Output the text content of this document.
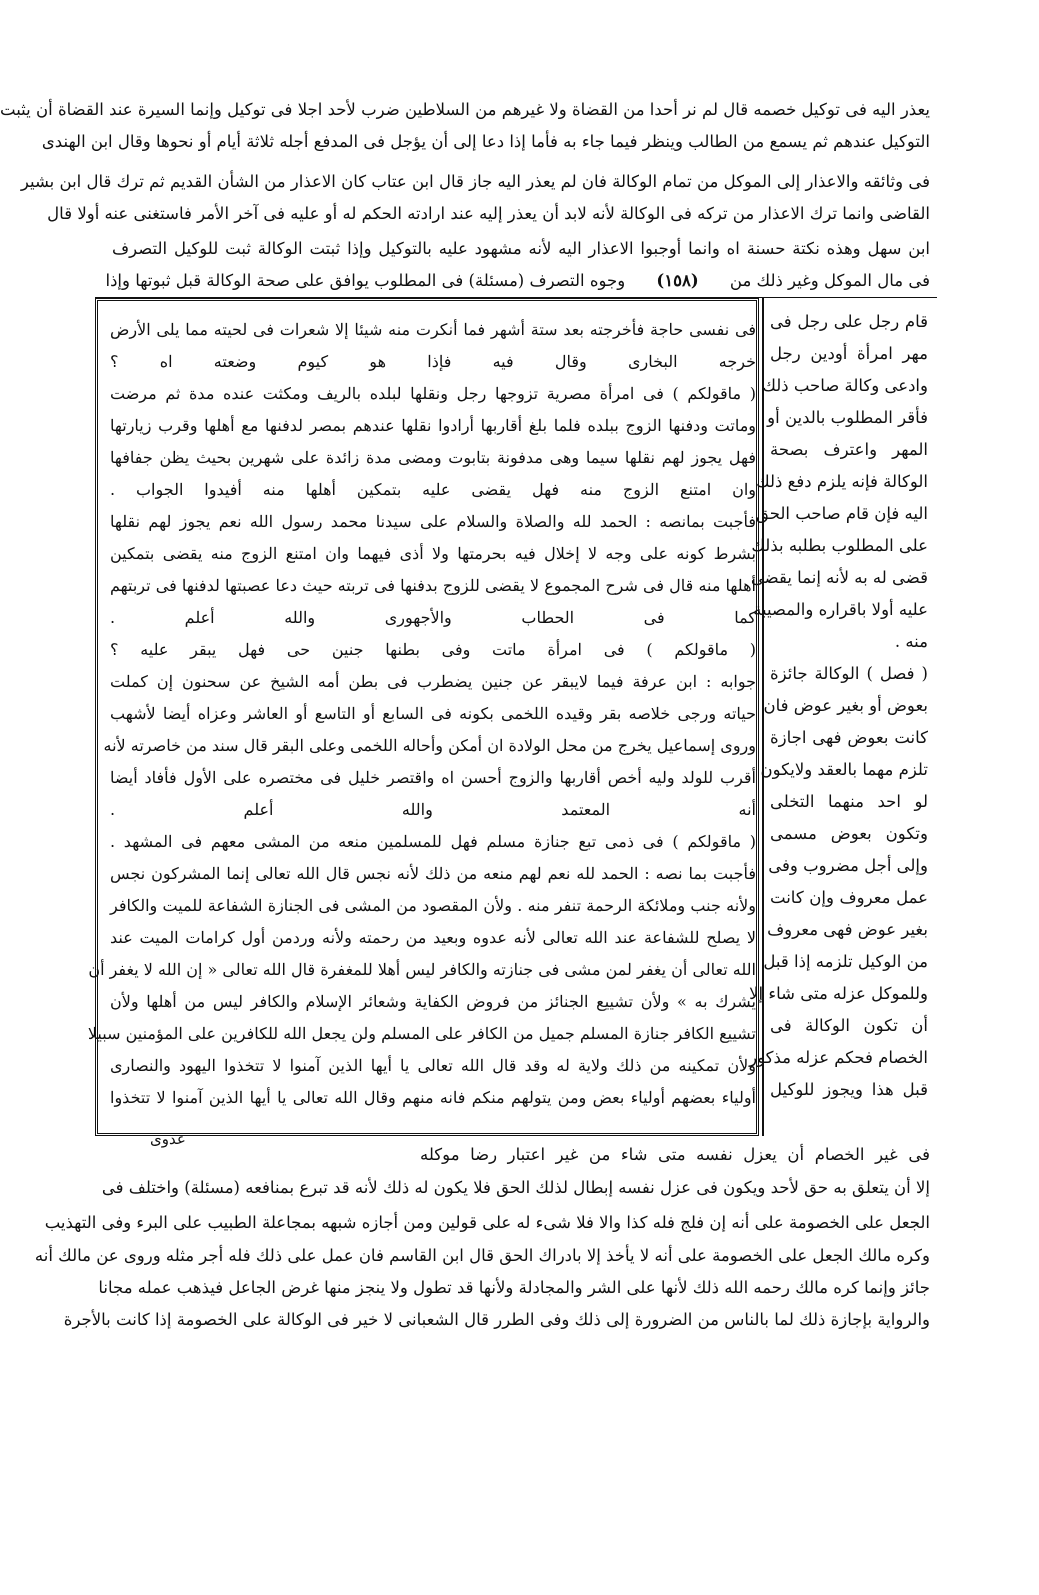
يعذر اليه فى توكيل خصمه قال لم نر أحدا من القضاة ولا غيرهم من السلاطين ضرب لأحد اجلا فى توكيل وإنما السيرة عند القضاة أن يثبت
التوكيل عندهم ثم يسمع من الطالب وينظر فيما جاء به فأما إذا دعا إلى أن يؤجل فى المدفع أجله ثلاثة أيام أو نحوها وقال ابن الهندى
فى وثائقه والاعذار إلى الموكل من تمام الوكالة فان لم يعذر اليه جاز قال ابن عتاب كان الاعذار من الشأن القديم ثم ترك قال ابن بشير
القاضى وانما ترك الاعذار من تركه فى الوكالة لأنه لابد أن يعذر إليه عند ارادته الحكم له أو عليه فى آخر الأمر فاستغنى عنه أولا قال
ابن سهل وهذه نكتة حسنة اه وانما أوجبوا الاعذار اليه لأنه مشهود عليه بالتوكيل وإذا ثبتت الوكالة ثبت للوكيل التصرف
فى مال الموكل وغير ذلك من (١٥٨) وجوه التصرف (مسئلة) فى المطلوب يوافق على صحة الوكالة قبل ثبوتها وإذا
فى نفسى حاجة فأخرجته بعد ستة أشهر فما أنكرت منه شيئا إلا شعرات فى لحيته مما يلى الأرض
خرجه البخارى وقال فيه فإذا هو كيوم وضعته اه ؟
( ماقولكم ) فى امرأة مصرية تزوجها رجل ونقلها لبلده بالريف ومكثت عنده مدة ثم مرضت
وماتت ودفنها الزوج ببلده فلما بلغ أقاربها أرادوا نقلها عندهم بمصر لدفنها مع أهلها وقرب زيارتها
فهل يجوز لهم نقلها سيما وهى مدفونة بتابوت ومضى مدة زائدة على شهرين بحيث يظن جفافها
وان امتنع الزوج منه فهل يقضى عليه بتمكين أهلها منه أفيدوا الجواب .
فأجبت بمانصه : الحمد لله والصلاة والسلام على سيدنا محمد رسول الله نعم يجوز لهم نقلها
بشرط كونه على وجه لا إخلال فيه بحرمتها ولا أذى فيهما وان امتنع الزوج منه يقضى بتمكين
أهلها منه قال فى شرح المجموع لا يقضى للزوج بدفنها فى تربته حيث دعا عصبتها لدفنها فى تربتهم
كما فى الحطاب والأجهورى والله أعلم .
( ماقولكم ) فى امرأة ماتت وفى بطنها جنين حى فهل يبقر عليه ؟
جوابه : ابن عرفة فيما لايبقر عن جنين يضطرب فى بطن أمه الشيخ عن سحنون إن كملت
حياته ورجى خلاصه بقر وقيده اللخمى بكونه فى السابع أو التاسع أو العاشر وعزاه أيضا لأشهب
وروى إسماعيل يخرج من محل الولادة ان أمكن وأحاله اللخمى وعلى البقر قال سند من خاصرته لأنه
أقرب للولد وليه أخص أقاربها والزوج أحسن اه واقتصر خليل فى مختصره على الأول فأفاد أيضا
أنه المعتمد والله أعلم .
( ماقولكم ) فى ذمى تبع جنازة مسلم فهل للمسلمين منعه من المشى معهم فى المشهد .
فأجبت بما نصه : الحمد لله نعم لهم منعه من ذلك لأنه نجس قال الله تعالى إنما المشركون نجس
ولأنه جنب وملائكة الرحمة تنفر منه . ولأن المقصود من المشى فى الجنازة الشفاعة للميت والكافر
لا يصلح للشفاعة عند الله تعالى لأنه عدوه وبعيد من رحمته ولأنه وردمن أول كرامات الميت عند
الله تعالى أن يغفر لمن مشى فى جنازته والكافر ليس أهلا للمغفرة قال الله تعالى « إن الله لا يغفر أن
يشرك به » ولأن تشييع الجنائز من فروض الكفاية وشعائر الإسلام والكافر ليس من أهلها ولأن
تشييع الكافر جنازة المسلم جميل من الكافر على المسلم ولن يجعل الله للكافرين على المؤمنين سبيلا
ولأن تمكينه من ذلك ولاية له وقد قال الله تعالى يا أيها الذين آمنوا لا تتخذوا اليهود والنصارى
أولياء بعضهم أولياء بعض ومن يتولهم منكم فانه منهم وقال الله تعالى يا أيها الذين آمنوا لا تتخذوا
قام رجل على رجل فى
مهر امرأة أودين رجل
وادعى وكالة صاحب ذلك
فأقر المطلوب بالدين أو
المهر واعترف بصحة
الوكالة فإنه يلزم دفع ذلك
اليه فإن قام صاحب الحق
على المطلوب بطلبه بذلك
قضى له به لأنه إنما يقضى
عليه أولا باقراره والمصيبة
منه .
( فصل ) الوكالة جائزة
بعوض أو بغير عوض فان
كانت بعوض فهى اجازة
تلزم مهما بالعقد ولايكون
لو احد منهما التخلى
وتكون بعوض مسمى
وإلى أجل مضروب وفى
عمل معروف وإن كانت
بغير عوض فهى معروف
من الوكيل تلزمه إذا قبل
وللموكل عزله متى شاء إلا
أن تكون الوكالة فى
الخصام فحكم عزله مذكور
قبل هذا ويجوز للوكيل
عدوى
فى غير الخصام أن يعزل نفسه متى شاء من غير اعتبار رضا موكله
إلا أن يتعلق به حق لأحد ويكون فى عزل نفسه إبطال لذلك الحق فلا يكون له ذلك لأنه قد تبرع بمنافعه (مسئلة) واختلف فى
الجعل على الخصومة على أنه إن فلج فله كذا والا فلا شىء له على قولين ومن أجازه شبهه بمجاعلة الطبيب على البرء وفى التهذيب
وكره مالك الجعل على الخصومة على أنه لا يأخذ إلا بادراك الحق قال ابن القاسم فان عمل على ذلك فله أجر مثله وروى عن مالك أنه
جائز وإنما كره مالك رحمه الله ذلك لأنها على الشر والمجادلة ولأنها قد تطول ولا ينجز منها غرض الجاعل فيذهب عمله مجانا
والرواية بإجازة ذلك لما بالناس من الضرورة إلى ذلك وفى الطرر قال الشعبانى لا خير فى الوكالة على الخصومة إذا كانت بالأجرة
